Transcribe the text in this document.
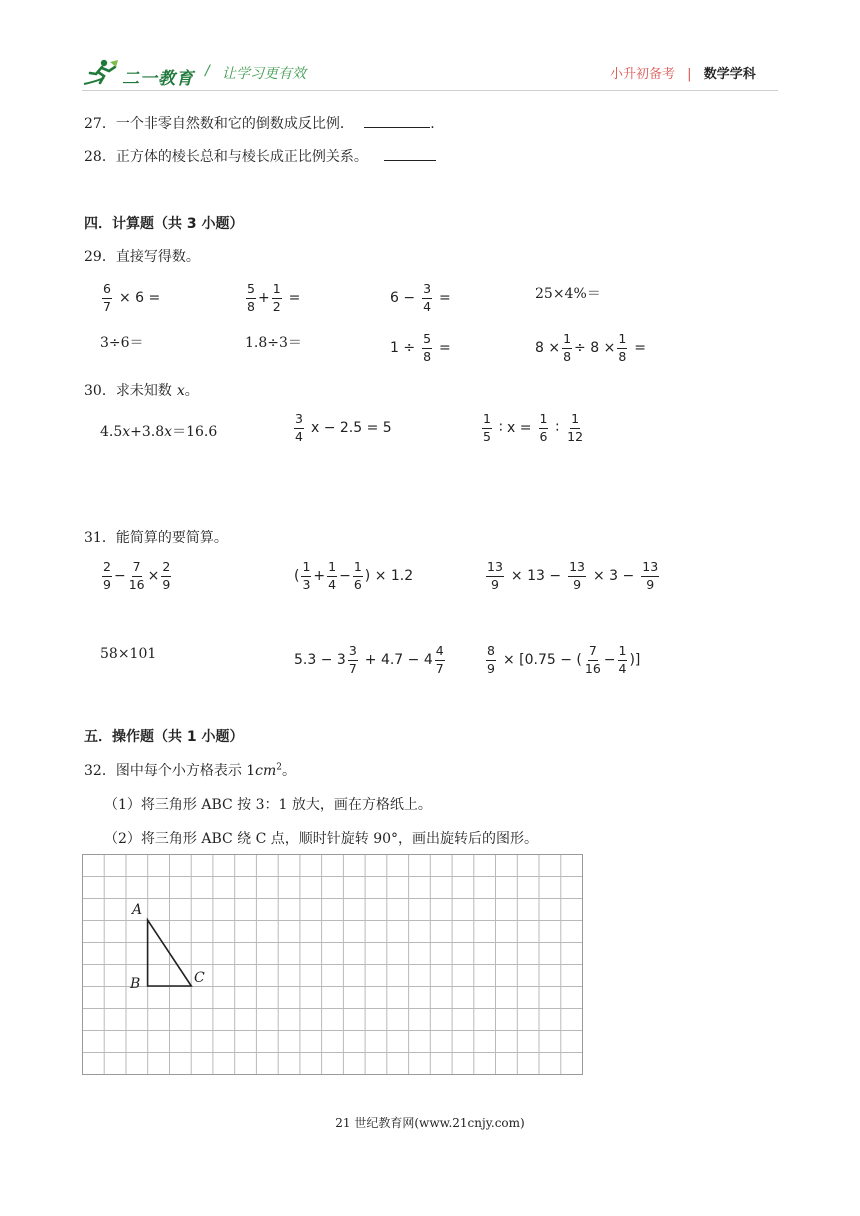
二一教育 / 让学习更有效	小升初备考 | 数学学科
27．一个非零自然数和它的倒数成反比例．	.
28．正方体的棱长总和与棱长成正比例关系。
四．计算题（共 3 小题）
29．直接写得数。
$\frac{6}{7} \times 6$ =	$\frac{5}{8} + \frac{1}{2}$ =	$6 - \frac{3}{4}$ =	25×4%＝
3÷6＝	1.8÷3＝	$1 \div \frac{5}{8}$ =	$8 \times \frac{1}{8} \div 8 \times \frac{1}{8}$ =
30．求未知数 x。
4.5x+3.8x＝16.6	$\frac{3}{4}$ x − 2.5 = 5	$\frac{1}{5}$ ∶ $x = \frac{1}{6}$ ∶ $\frac{1}{12}$
31．能简算的要简算。
$\frac{2}{9} - \frac{7}{16} \times \frac{2}{9}$	( $\frac{1}{3} + \frac{1}{4} - \frac{1}{6}$ ) × 1.2	$\frac{13}{9} \times 13 - \frac{13}{9} \times 3 - \frac{13}{9}$
58×101	$5.3 - 3 \frac{3}{7} + 4.7 - 4 \frac{4}{7}$	$\frac{8}{9} \times [0.75$ − ( $\frac{7}{16} - \frac{1}{4}$ )]
五．操作题（共 1 小题）
32．图中每个小方格表示 $1cm^2$。
（1）将三角形 ABC 按 3：1 放大，画在方格纸上。
（2）将三角形 ABC 绕 C 点，顺时针旋转 90°，画出旋转后的图形。
A
B	C
21 世纪教育网(www.21cnjy.com)
